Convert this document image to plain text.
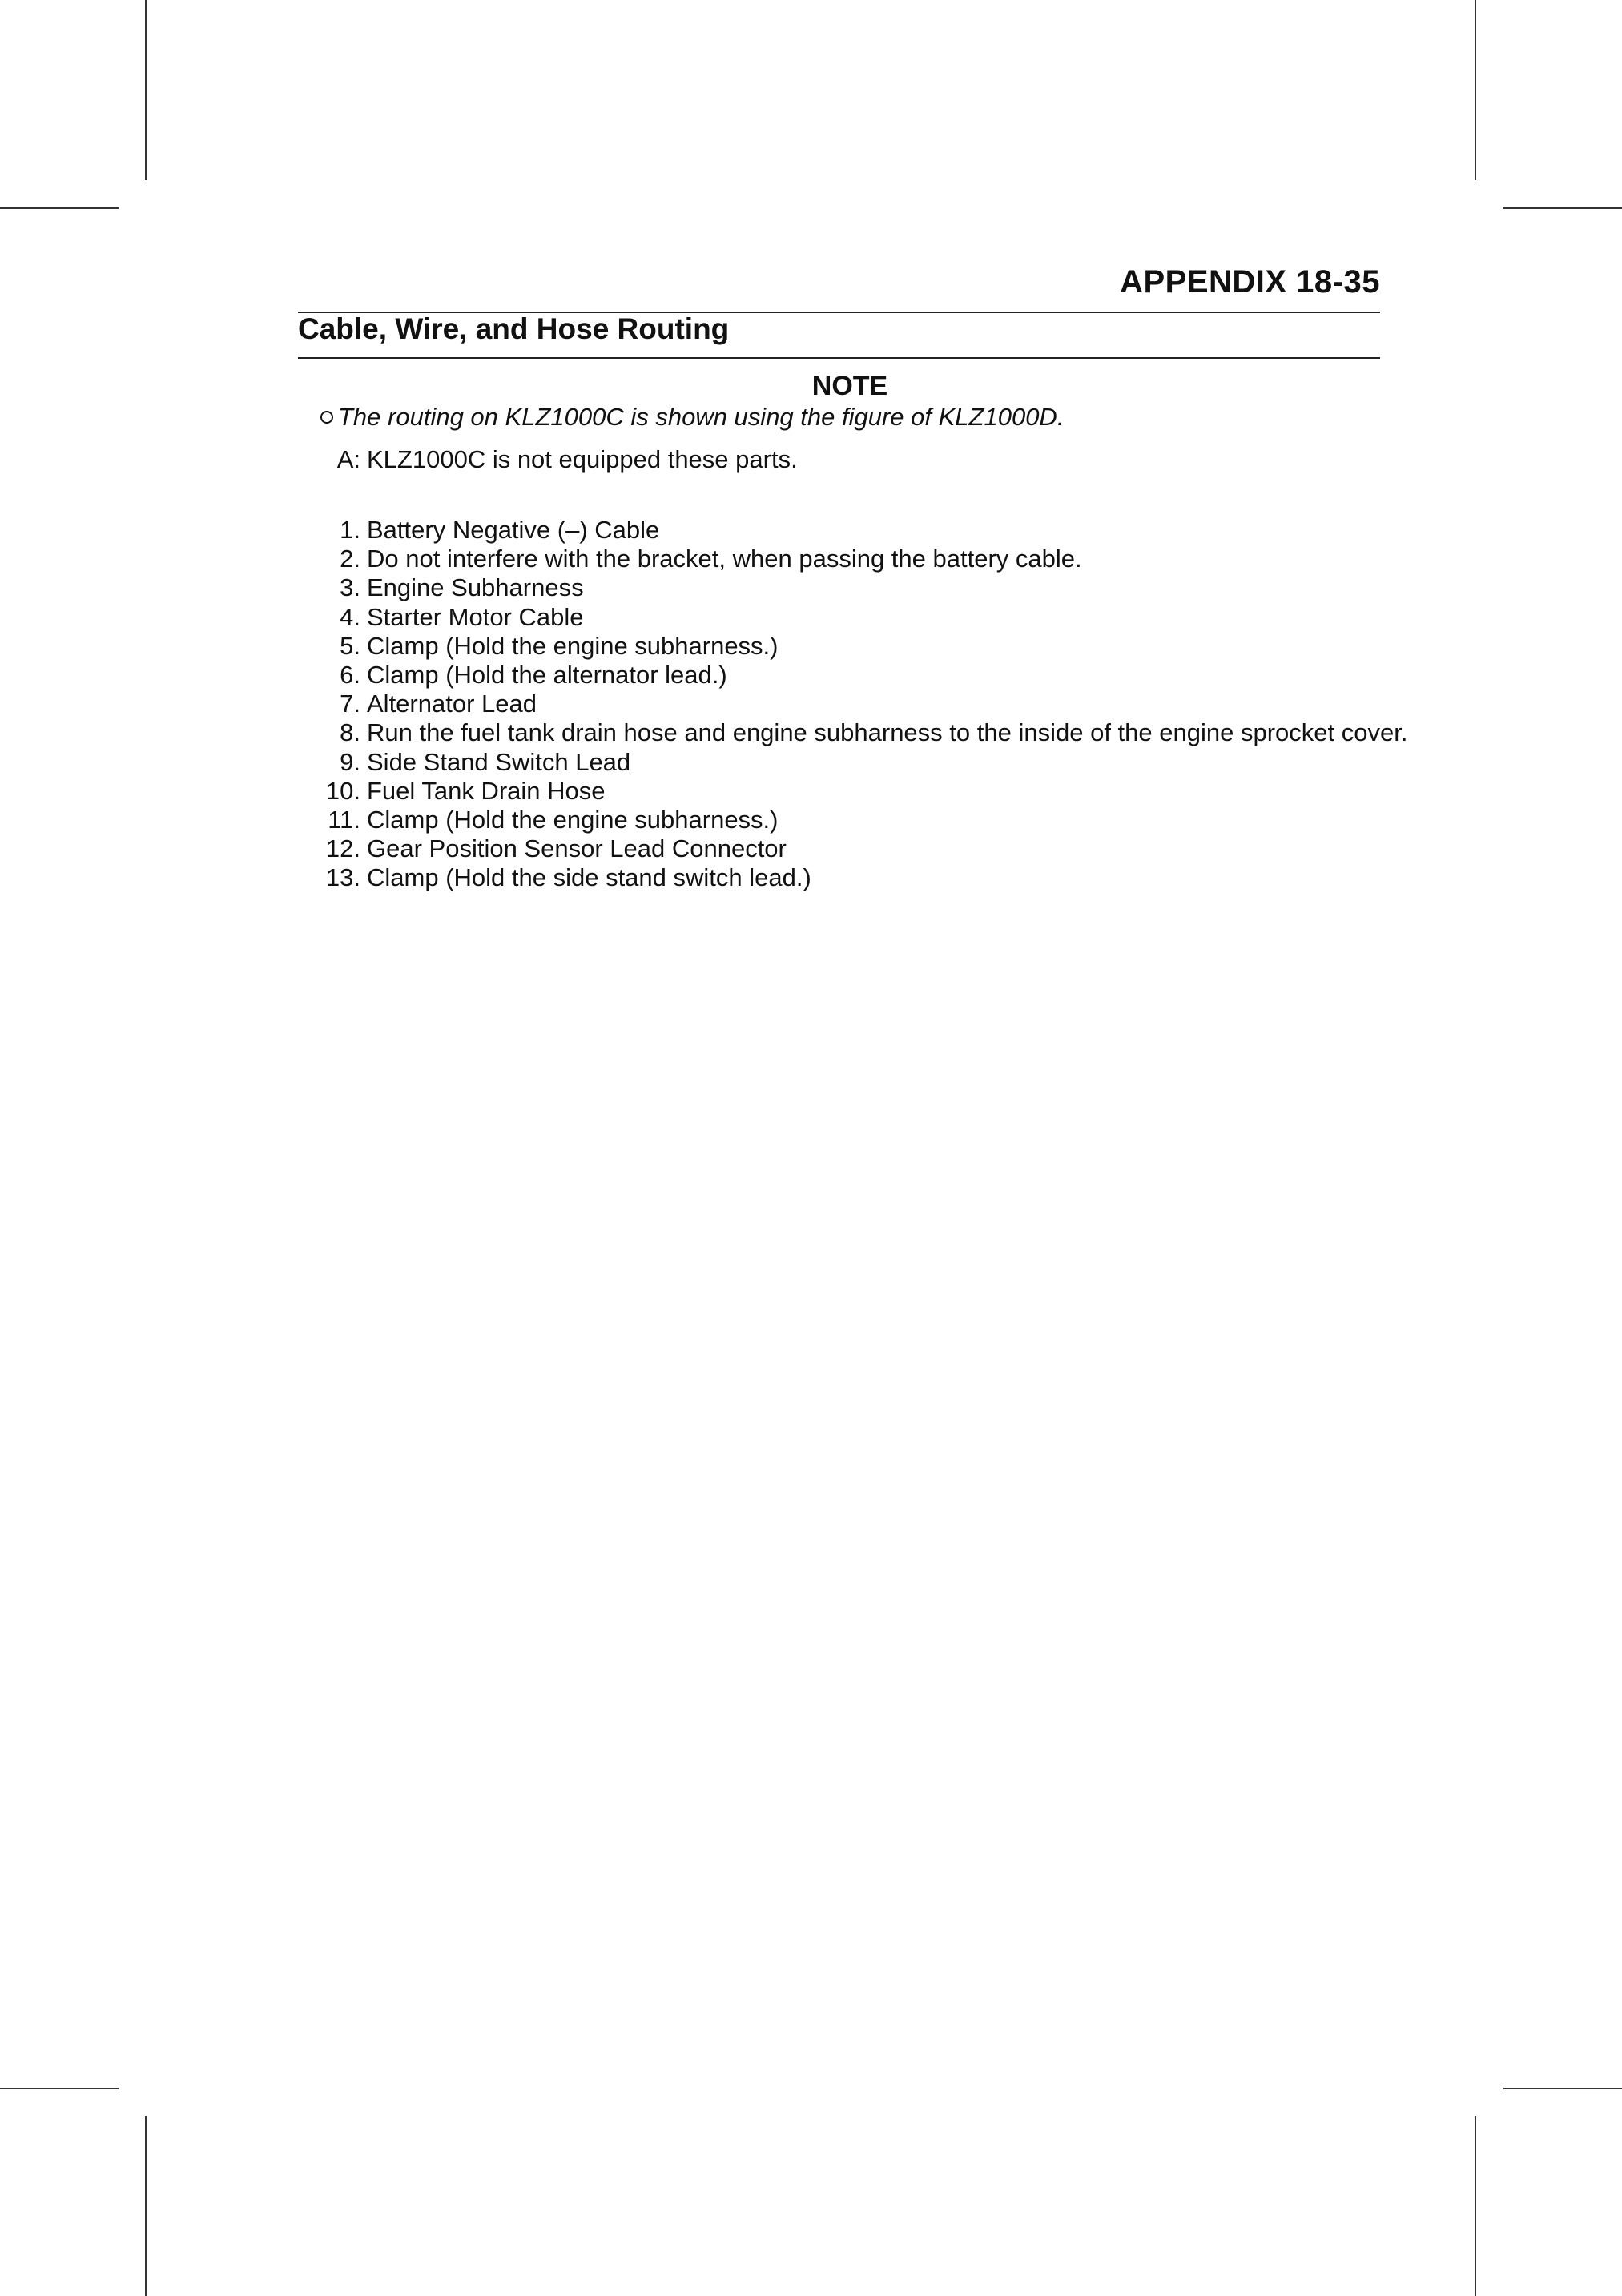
APPENDIX 18-35
Cable, Wire, and Hose Routing
NOTE
The routing on KLZ1000C is shown using the figure of KLZ1000D.
A: KLZ1000C is not equipped these parts.
1. Battery Negative (–) Cable
2. Do not interfere with the bracket, when passing the battery cable.
3. Engine Subharness
4. Starter Motor Cable
5. Clamp (Hold the engine subharness.)
6. Clamp (Hold the alternator lead.)
7. Alternator Lead
8. Run the fuel tank drain hose and engine subharness to the inside of the engine sprocket cover.
9. Side Stand Switch Lead
10. Fuel Tank Drain Hose
11. Clamp (Hold the engine subharness.)
12. Gear Position Sensor Lead Connector
13. Clamp (Hold the side stand switch lead.)
